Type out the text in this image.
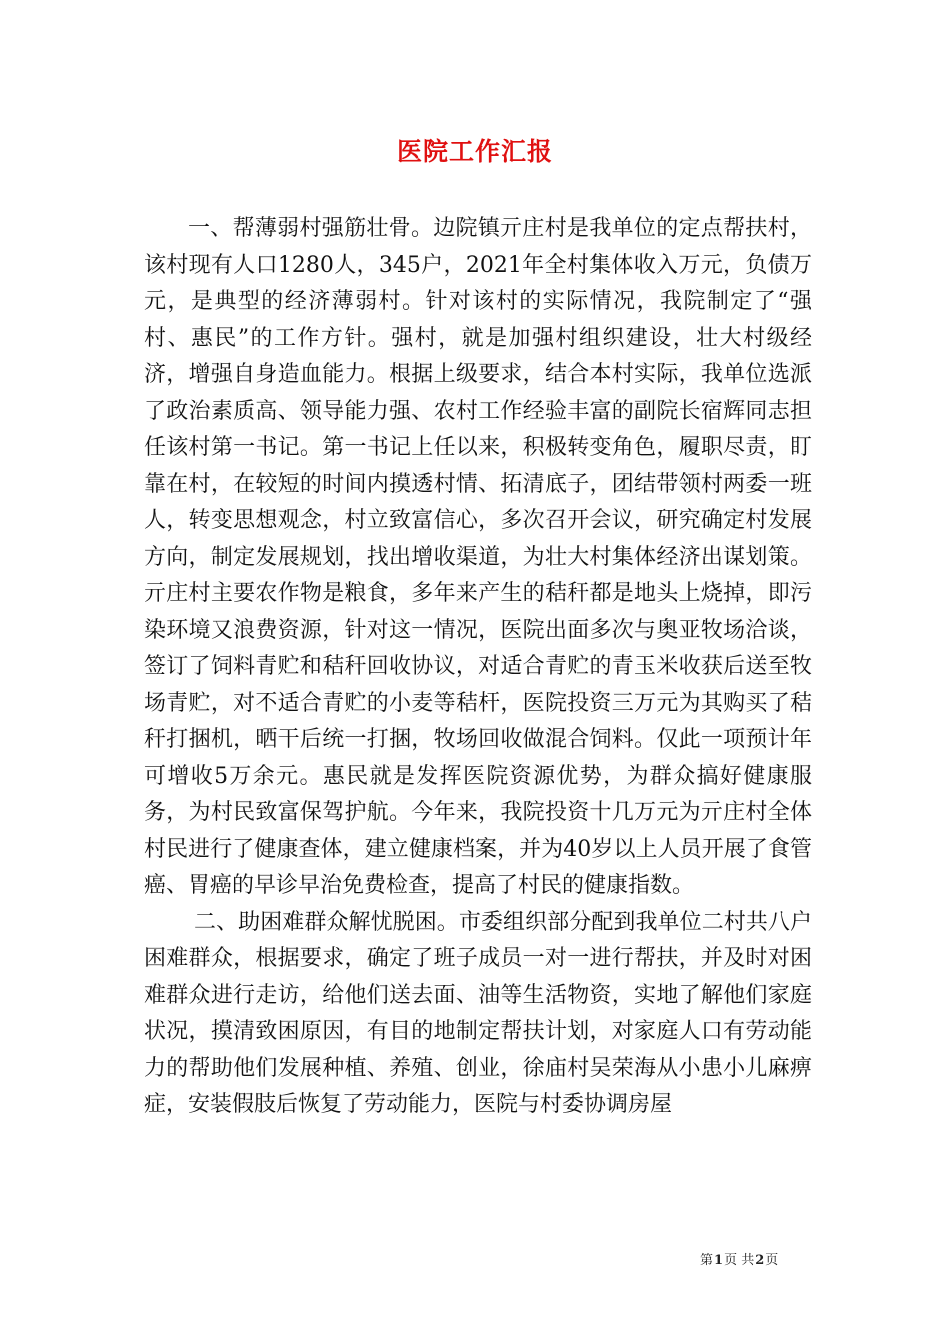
医院工作汇报

一、帮薄弱村强筋壮骨。边院镇亓庄村是我单位的定点帮扶村，该村现有人口1280人，345户，2021年全村集体收入万元，负债万元，是典型的经济薄弱村。针对该村的实际情况，我院制定了“强村、惠民”的工作方针。强村，就是加强村组织建设，壮大村级经济，增强自身造血能力。根据上级要求，结合本村实际，我单位选派了政治素质高、领导能力强、农村工作经验丰富的副院长宿辉同志担任该村第一书记。第一书记上任以来，积极转变角色，履职尽责，盯靠在村，在较短的时间内摸透村情、拓清底子，团结带领村两委一班人，转变思想观念，村立致富信心，多次召开会议，研究确定村发展方向，制定发展规划，找出增收渠道，为壮大村集体经济出谋划策。亓庄村主要农作物是粮食，多年来产生的秸秆都是地头上烧掉，即污染环境又浪费资源，针对这一情况，医院出面多次与奥亚牧场洽谈，签订了饲料青贮和秸秆回收协议，对适合青贮的青玉米收获后送至牧场青贮，对不适合青贮的小麦等秸杆，医院投资三万元为其购买了秸秆打捆机，晒干后统一打捆，牧场回收做混合饲料。仅此一项预计年可增收5万余元。惠民就是发挥医院资源优势，为群众搞好健康服务，为村民致富保驾护航。今年来，我院投资十几万元为亓庄村全体村民进行了健康查体，建立健康档案，并为40岁以上人员开展了食管癌、胃癌的早诊早治免费检查，提高了村民的健康指数。

二、助困难群众解忧脱困。市委组织部分配到我单位二村共八户困难群众，根据要求，确定了班子成员一对一进行帮扶，并及时对困难群众进行走访，给他们送去面、油等生活物资，实地了解他们家庭状况，摸清致困原因，有目的地制定帮扶计划，对家庭人口有劳动能力的帮助他们发展种植、养殖、创业，徐庙村吴荣海从小患小儿麻痹症，安装假肢后恢复了劳动能力，医院与村委协调房屋

第1页 共2页
